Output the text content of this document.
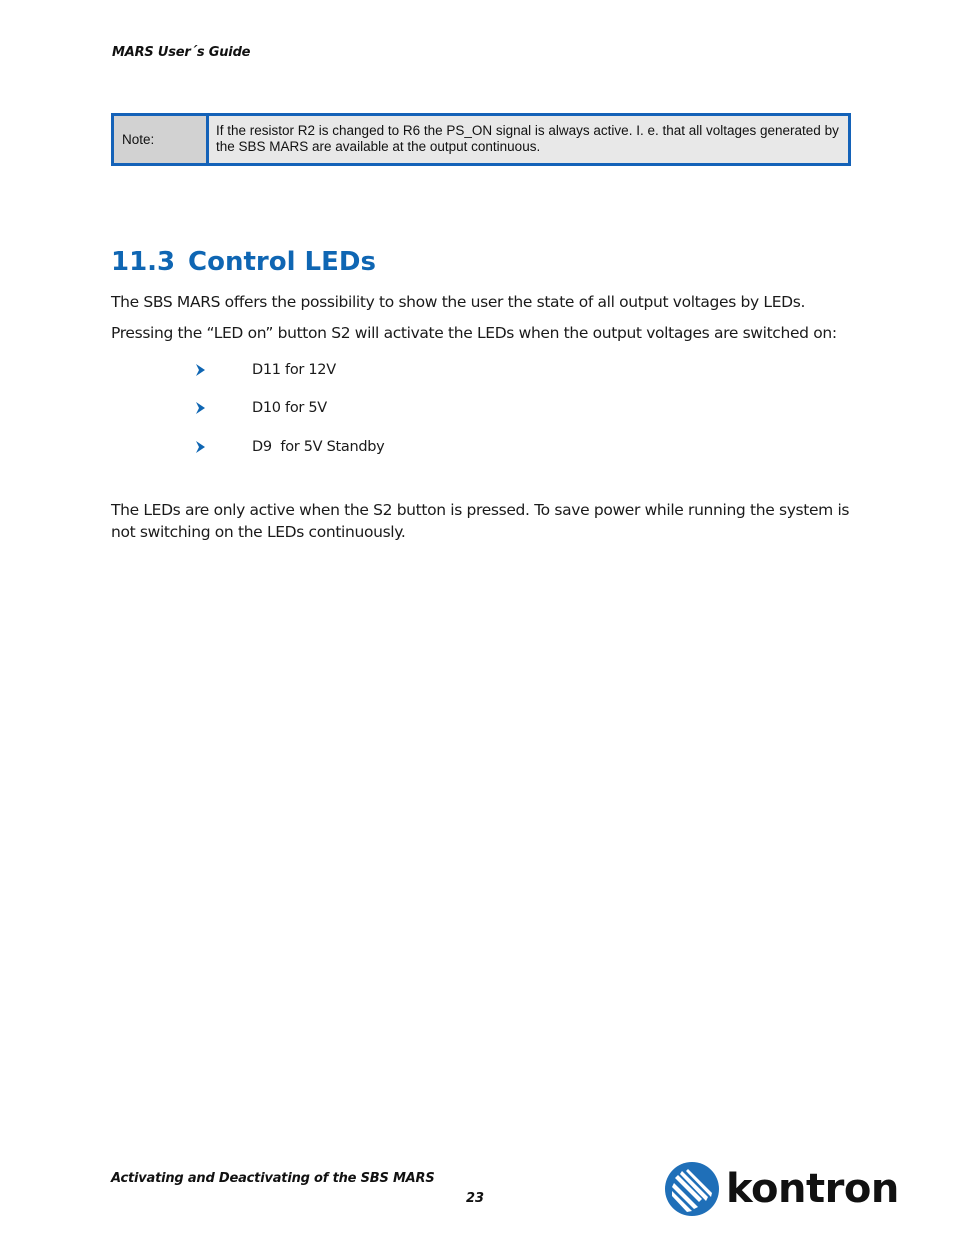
MARS User´s Guide
Note:
If the resistor R2 is changed to R6 the PS_ON signal is always active. I. e. that all voltages generated by the SBS MARS are available at the output continuous.
11.3 Control LEDs

The SBS MARS offers the possibility to show the user the state of all output voltages by LEDs.

Pressing the “LED on” button S2 will activate the LEDs when the output voltages are switched on:

D11 for 12V
D10 for 5V
D9  for 5V Standby

The LEDs are only active when the S2 button is pressed. To save power while running the system is not switching on the LEDs continuously.

Activating and Deactivating of the SBS MARS
23	kontron
